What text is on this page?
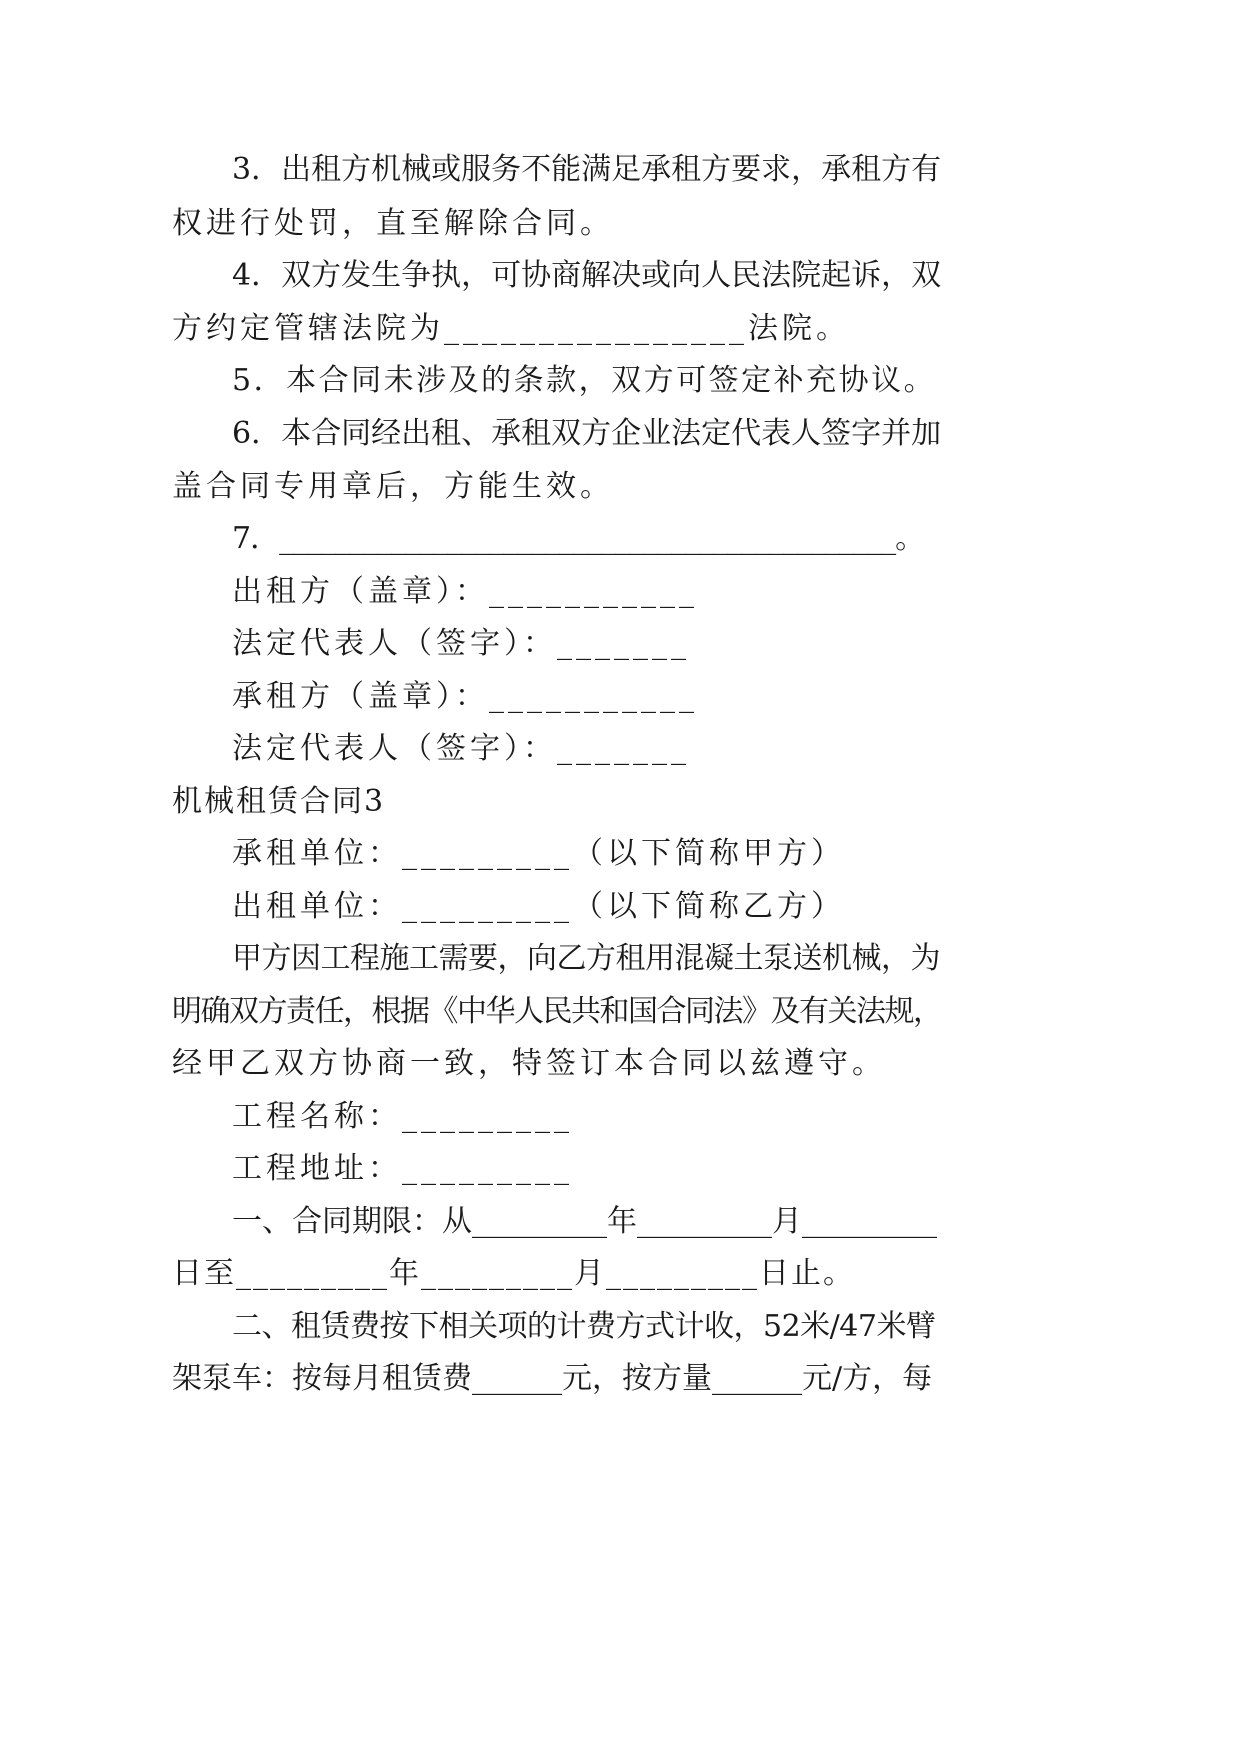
3．出租方机械或服务不能满足承租方要求，承租方有
权进行处罚，直至解除合同。
4．双方发生争执，可协商解决或向人民法院起诉，双
方约定管辖法院为________________法院。
5．本合同未涉及的条款，双方可签定补充协议。
6．本合同经出租、承租双方企业法定代表人签字并加
盖合同专用章后，方能生效。
7．____________________________________________。
出租方（盖章）：___________
法定代表人（签字）：_______
承租方（盖章）：___________
法定代表人（签字）：_______
机械租赁合同3
承租单位：_________（以下简称甲方）
出租单位：_________（以下简称乙方）
甲方因工程施工需要，向乙方租用混凝土泵送机械，为
明确双方责任，根据《中华人民共和国合同法》及有关法规，
经甲乙双方协商一致，特签订本合同以兹遵守。
工程名称：_________
工程地址：_________
一、合同期限：从_________年_________月_________
日至_________年_________月_________日止。
二、租赁费按下相关项的计费方式计收，52米/47米臂
架泵车：按每月租赁费______元，按方量______元/方，每
